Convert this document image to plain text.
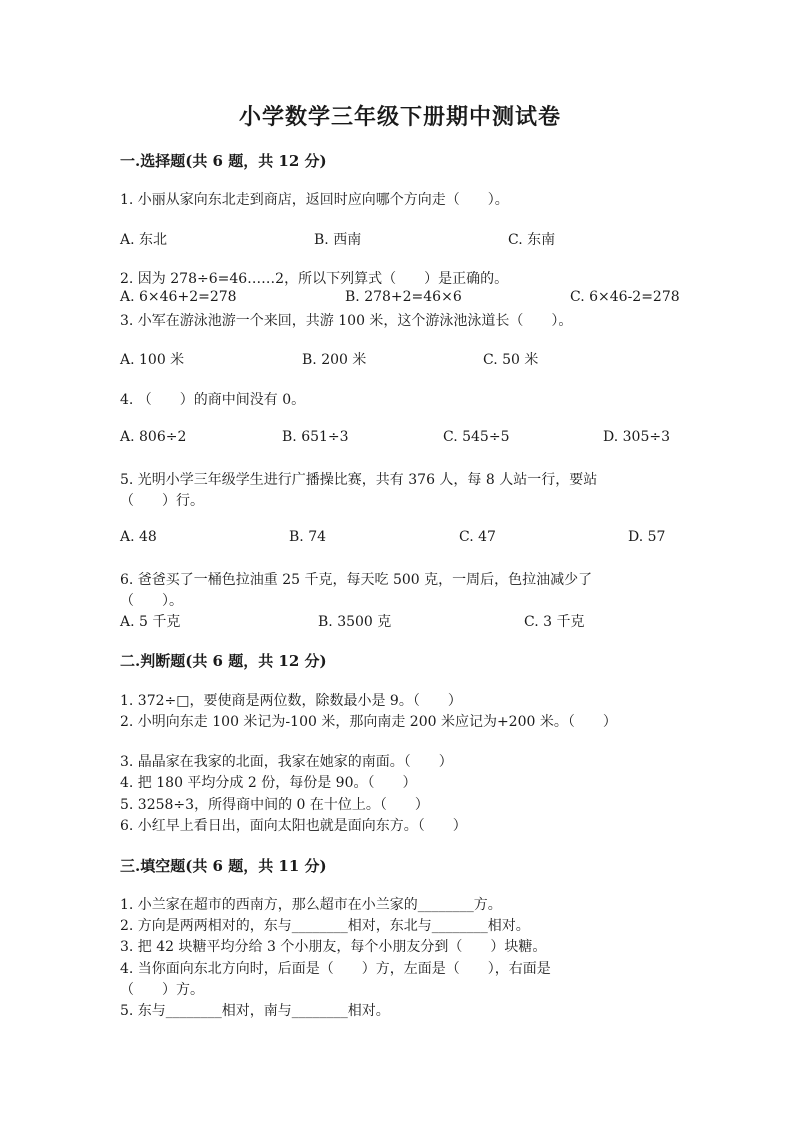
小学数学三年级下册期中测试卷
一.选择题(共 6 题，共 12 分)
1. 小丽从家向东北走到商店，返回时应向哪个方向走（　　）。
A. 东北	B. 西南	C. 东南
2. 因为 278÷6=46……2，所以下列算式（　　）是正确的。
A. 6×46+2=278	B. 278+2=46×6	C. 6×46-2=278
3. 小军在游泳池游一个来回，共游 100 米，这个游泳池泳道长（　　）。
A. 100 米	B. 200 米	C. 50 米
4. （　　）的商中间没有 0。
A. 806÷2	B. 651÷3	C. 545÷5	D. 305÷3
5. 光明小学三年级学生进行广播操比赛，共有 376 人，每 8 人站一行，要站
（　　）行。
A. 48	B. 74	C. 47	D. 57
6. 爸爸买了一桶色拉油重 25 千克，每天吃 500 克，一周后，色拉油减少了
（　　）。
A. 5 千克	B. 3500 克	C. 3 千克
二.判断题(共 6 题，共 12 分)
1. 372÷□，要使商是两位数，除数最小是 9。（　　）
2. 小明向东走 100 米记为-100 米，那向南走 200 米应记为+200 米。（　　）
3. 晶晶家在我家的北面，我家在她家的南面。（　　）
4. 把 180 平均分成 2 份，每份是 90。（　　）
5. 3258÷3，所得商中间的 0 在十位上。（　　）
6. 小红早上看日出，面向太阳也就是面向东方。（　　）
三.填空题(共 6 题，共 11 分)
1. 小兰家在超市的西南方，那么超市在小兰家的________方。
2. 方向是两两相对的，东与________相对，东北与________相对。
3. 把 42 块糖平均分给 3 个小朋友，每个小朋友分到（　　）块糖。
4. 当你面向东北方向时，后面是（　　）方，左面是（　　），右面是
（　　）方。
5. 东与________相对，南与________相对。
